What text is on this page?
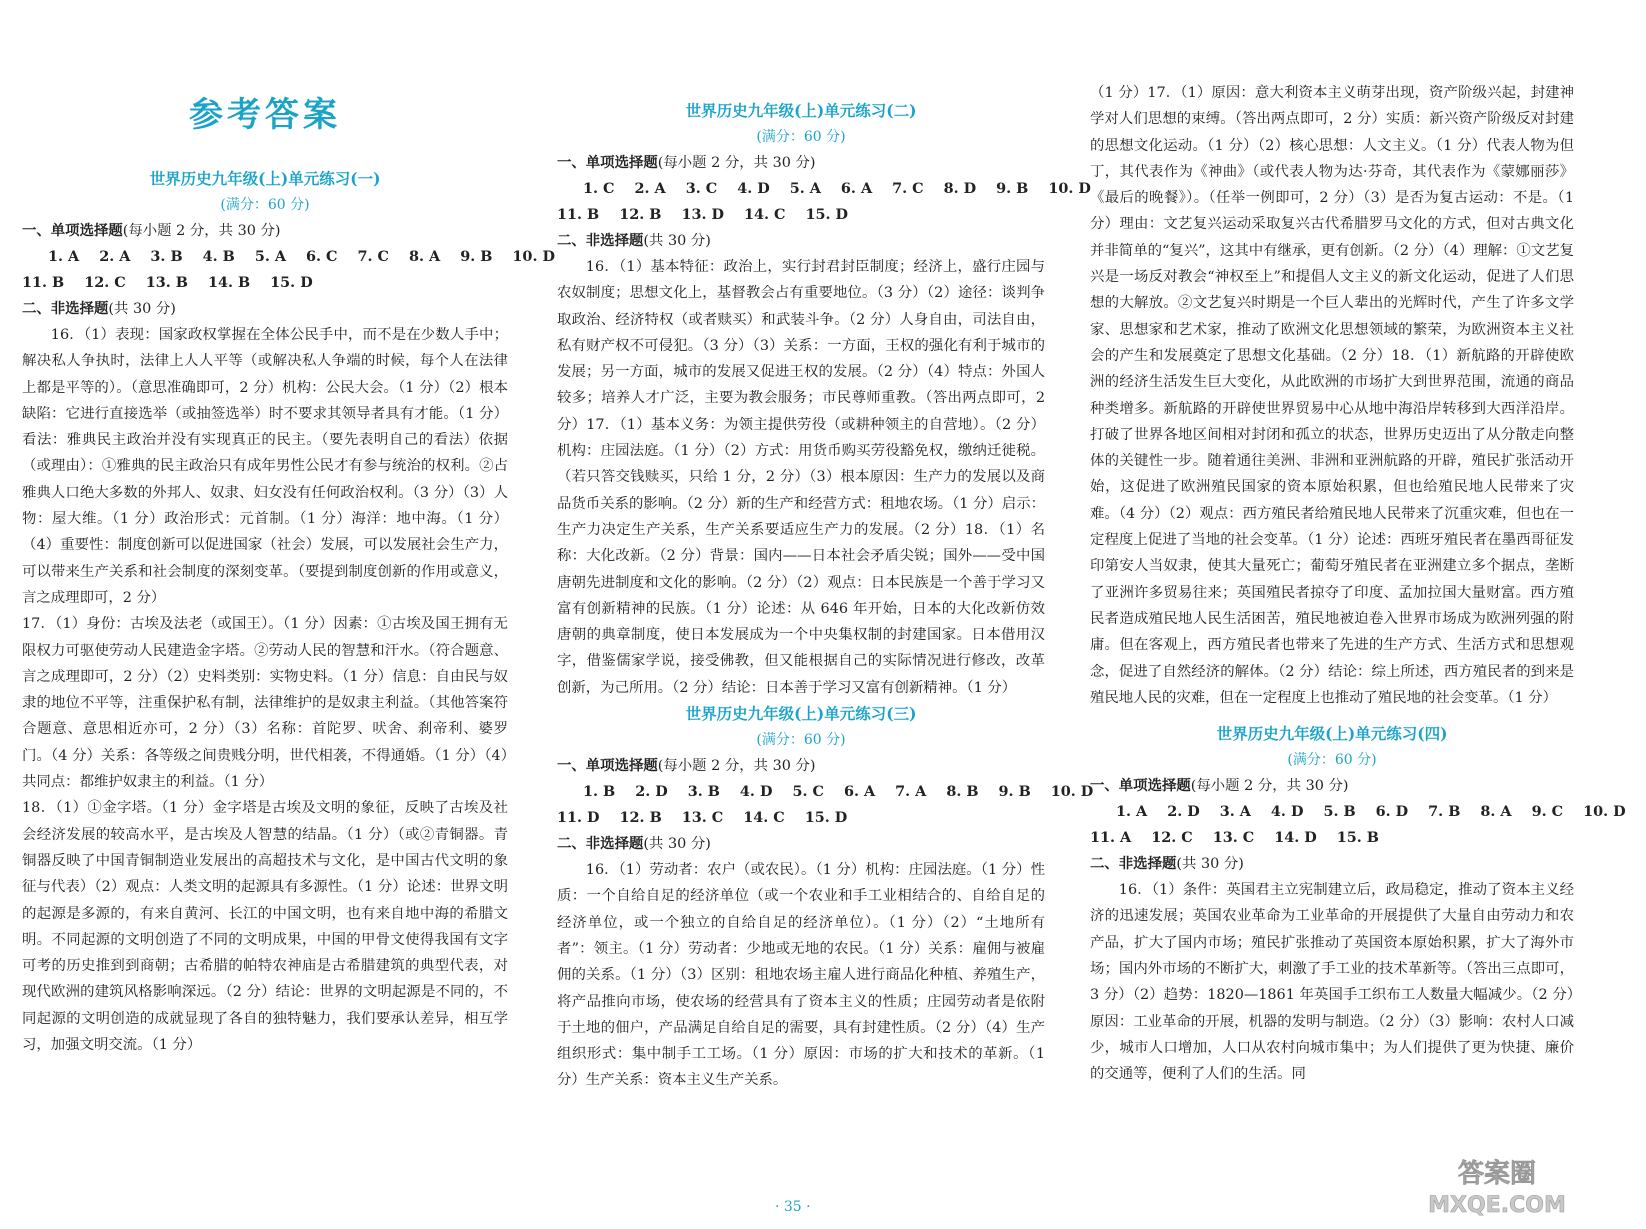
参考答案
世界历史九年级(上)单元练习(一)
(满分：60 分)
一、单项选择题(每小题 2 分，共 30 分)
1. A 2. A 3. B 4. B 5. A 6. C 7. C 8. A 9. B 10. D
11. B 12. C 13. B 14. B 15. D
二、非选择题(共 30 分)

16．（1）表现：国家政权掌握在全体公民手中，而不是在少数人手中；解决私人争执时，法律上人人平等（或解决私人争端的时候，每个人在法律上都是平等的）。（意思准确即可，2 分）机构：公民大会。（1 分）（2）根本缺陷：它进行直接选举（或抽签选举）时不要求其领导者具有才能。（1 分）看法：雅典民主政治并没有实现真正的民主。（要先表明自己的看法）依据（或理由）：①雅典的民主政治只有成年男性公民才有参与统治的权利。②占雅典人口绝大多数的外邦人、奴隶、妇女没有任何政治权利。（3 分）（3）人物：屋大维。（1 分）政治形式：元首制。（1 分）海洋：地中海。（1 分）（4）重要性：制度创新可以促进国家（社会）发展，可以发展社会生产力，可以带来生产关系和社会制度的深刻变革。（要提到制度创新的作用或意义，言之成理即可，2 分）

17．（1）身份：古埃及法老（或国王）。（1 分）因素：①古埃及国王拥有无限权力可驱使劳动人民建造金字塔。②劳动人民的智慧和汗水。（符合题意、言之成理即可，2 分）（2）史料类别：实物史料。（1 分）信息：自由民与奴隶的地位不平等，注重保护私有制，法律维护的是奴隶主利益。（其他答案符合题意、意思相近亦可，2 分）（3）名称：首陀罗、吠舍、刹帝利、婆罗门。（4 分）关系：各等级之间贵贱分明，世代相袭，不得通婚。（1 分）（4）共同点：都维护奴隶主的利益。（1 分）

18．（1）①金字塔。（1 分）金字塔是古埃及文明的象征，反映了古埃及社会经济发展的较高水平，是古埃及人智慧的结晶。（1 分）（或②青铜器。青铜器反映了中国青铜制造业发展出的高超技术与文化，是中国古代文明的象征与代表）（2）观点：人类文明的起源具有多源性。（1 分）论述：世界文明的起源是多源的，有来自黄河、长江的中国文明，也有来自地中海的希腊文明。不同起源的文明创造了不同的文明成果，中国的甲骨文使得我国有文字可考的历史推到到商朝；古希腊的帕特农神庙是古希腊建筑的典型代表，对现代欧洲的建筑风格影响深远。（2 分）结论：世界的文明起源是不同的，不同起源的文明创造的成就显现了各自的独特魅力，我们要承认差异，相互学习，加强文明交流。（1 分）

世界历史九年级(上)单元练习(二)
(满分：60 分)
一、单项选择题(每小题 2 分，共 30 分)
1. C 2. A 3. C 4. D 5. A 6. A 7. C 8. D 9. B 10. D
11. B 12. B 13. D 14. C 15. D
二、非选择题(共 30 分)

16．（1）基本特征：政治上，实行封君封臣制度；经济上，盛行庄园与农奴制度；思想文化上，基督教会占有重要地位。（3 分）（2）途径：谈判争取政治、经济特权（或者赎买）和武装斗争。（2 分）人身自由，司法自由，私有财产权不可侵犯。（3 分）（3）关系：一方面，王权的强化有利于城市的发展；另一方面，城市的发展又促进王权的发展。（2 分）（4）特点：外国人较多；培养人才广泛，主要为教会服务；市民尊师重教。（答出两点即可，2 分）17．（1）基本义务：为领主提供劳役（或耕种领主的自营地）。（2 分）机构：庄园法庭。（1 分）（2）方式：用货币购买劳役豁免权，缴纳迁徙税。（若只答交钱赎买，只给 1 分，2 分）（3）根本原因：生产力的发展以及商品货币关系的影响。（2 分）新的生产和经营方式：租地农场。（1 分）启示：生产力决定生产关系，生产关系要适应生产力的发展。（2 分）18．（1）名称：大化改新。（2 分）背景：国内——日本社会矛盾尖锐；国外——受中国唐朝先进制度和文化的影响。（2 分）（2）观点：日本民族是一个善于学习又富有创新精神的民族。（1 分）论述：从 646 年开始，日本的大化改新仿效唐朝的典章制度，使日本发展成为一个中央集权制的封建国家。日本借用汉字，借鉴儒家学说，接受佛教，但又能根据自己的实际情况进行修改，改革创新，为己所用。（2 分）结论：日本善于学习又富有创新精神。（1 分）

世界历史九年级(上)单元练习(三)
(满分：60 分)
一、单项选择题(每小题 2 分，共 30 分)
1. B 2. D 3. B 4. D 5. C 6. A 7. A 8. B 9. B 10. D
11. D 12. B 13. C 14. C 15. D
二、非选择题(共 30 分)

16．（1）劳动者：农户（或农民）。（1 分）机构：庄园法庭。（1 分）性质：一个自给自足的经济单位（或一个农业和手工业相结合的、自给自足的经济单位，或一个独立的自给自足的经济单位）。（1 分）（2）“土地所有者”：领主。（1 分）劳动者：少地或无地的农民。（1 分）关系：雇佣与被雇佣的关系。（1 分）（3）区别：租地农场主雇人进行商品化种植、养殖生产，将产品推向市场，使农场的经营具有了资本主义的性质；庄园劳动者是依附于土地的佃户，产品满足自给自足的需要，具有封建性质。（2 分）（4）生产组织形式：集中制手工工场。（1 分）原因：市场的扩大和技术的革新。（1 分）生产关系：资本主义生产关系。

（1 分）17．（1）原因：意大利资本主义萌芽出现，资产阶级兴起，封建神学对人们思想的束缚。（答出两点即可，2 分）实质：新兴资产阶级反对封建的思想文化运动。（1 分）（2）核心思想：人文主义。（1 分）代表人物为但丁，其代表作为《神曲》（或代表人物为达·芬奇，其代表作为《蒙娜丽莎》《最后的晚餐》）。（任举一例即可，2 分）（3）是否为复古运动：不是。（1 分）理由：文艺复兴运动采取复兴古代希腊罗马文化的方式，但对古典文化并非简单的“复兴”，这其中有继承，更有创新。（2 分）（4）理解：①文艺复兴是一场反对教会“神权至上”和提倡人文主义的新文化运动，促进了人们思想的大解放。②文艺复兴时期是一个巨人辈出的光辉时代，产生了许多文学家、思想家和艺术家，推动了欧洲文化思想领域的繁荣，为欧洲资本主义社会的产生和发展奠定了思想文化基础。（2 分）18．（1）新航路的开辟使欧洲的经济生活发生巨大变化，从此欧洲的市场扩大到世界范围，流通的商品种类增多。新航路的开辟使世界贸易中心从地中海沿岸转移到大西洋沿岸。打破了世界各地区间相对封闭和孤立的状态，世界历史迈出了从分散走向整体的关键性一步。随着通往美洲、非洲和亚洲航路的开辟，殖民扩张活动开始，这促进了欧洲殖民国家的资本原始积累，但也给殖民地人民带来了灾难。（4 分）（2）观点：西方殖民者给殖民地人民带来了沉重灾难，但也在一定程度上促进了当地的社会变革。（1 分）论述：西班牙殖民者在墨西哥征发印第安人当奴隶，使其大量死亡；葡萄牙殖民者在亚洲建立多个据点，垄断了亚洲许多贸易往来；英国殖民者掠夺了印度、孟加拉国大量财富。西方殖民者造成殖民地人民生活困苦，殖民地被迫卷入世界市场成为欧洲列强的附庸。但在客观上，西方殖民者也带来了先进的生产方式、生活方式和思想观念，促进了自然经济的解体。（2 分）结论：综上所述，西方殖民者的到来是殖民地人民的灾难，但在一定程度上也推动了殖民地的社会变革。（1 分）

世界历史九年级(上)单元练习(四)
(满分：60 分)
一、单项选择题(每小题 2 分，共 30 分)
1. A 2. D 3. A 4. D 5. B 6. D 7. B 8. A 9. C 10. D
11. A 12. C 13. C 14. D 15. B
二、非选择题(共 30 分)

16．（1）条件：英国君主立宪制建立后，政局稳定，推动了资本主义经济的迅速发展；英国农业革命为工业革命的开展提供了大量自由劳动力和农产品，扩大了国内市场；殖民扩张推动了英国资本原始积累，扩大了海外市场；国内外市场的不断扩大，刺激了手工业的技术革新等。（答出三点即可，3 分）（2）趋势：1820—1861 年英国手工织布工人数量大幅减少。（2 分）原因：工业革命的开展，机器的发明与制造。（2 分）（3）影响：农村人口减少，城市人口增加，人口从农村向城市集中；为人们提供了更为快捷、廉价的交通等，便利了人们的生活。同

· 35 ·
答案圈
MXQE.COM
